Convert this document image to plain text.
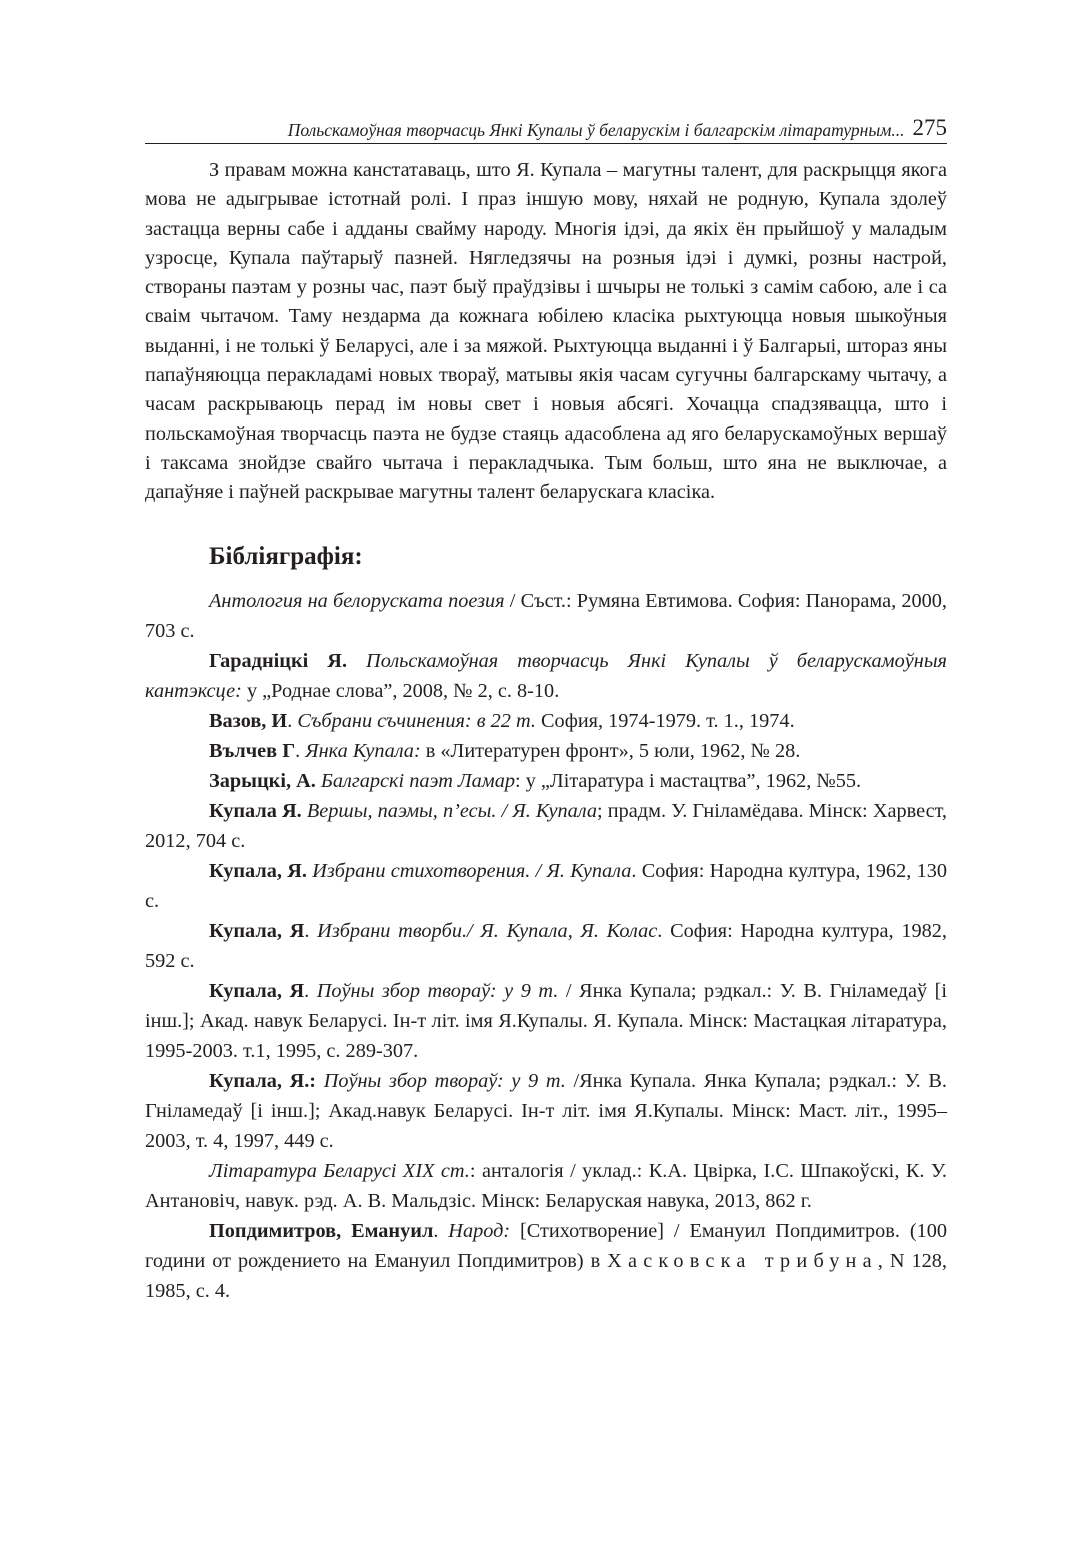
Польскамоўная творчасць Янкі Купалы ў беларускім і балгарскім літаратурным... 275

З правам можна канстатаваць, што Я. Купала – магутны талент, для раскрыцця якога мова не адыгрывае істотнай ролі. І праз іншую мову, няхай не родную, Купала здолеў застацца верны сабе і адданы свайму народу. Многія ідэі, да якіх ён прыйшоў у маладым узросце, Купала паўтарыў пазней. Нягледзячы на розныя ідэі і думкі, розны настрой, створаны паэтам у розны час, паэт быў праўдзівы і шчыры не толькі з самім сабою, але і са сваім чытачом. Таму нездарма да кожнага юбілею класіка рыхтуюцца новыя шыкоўныя выданні, і не толькі ў Беларусі, але і за мяжой. Рыхтуюцца выданні і ў Балгарыі, штораз яны папаўняюцца перакладамі новых твораў, матывы якія часам сугучны балгарскаму чытачу, а часам раскрываюць перад ім новы свет і новыя абсягі. Хочацца спадзявацца, што і польскамоўная творчасць паэта не будзе стаяць адасоблена ад яго беларускамоўных вершаў і таксама знойдзе свайго чытача і перакладчыка. Тым больш, што яна не выключае, а дапаўняе і паўней раскрывае магутны талент беларускага класіка.

Бібліяграфія:

Антология на белоруската поезия / Съст.: Румяна Евтимова. София: Панорама, 2000, 703 с.

Гарадніцкі Я. Польскамоўная творчасць Янкі Купалы ў беларускамоўныя кантэксце: у „Роднае слова”, 2008, № 2, с. 8-10.

Вазов, И. Събрани съчинения: в 22 т. София, 1974-1979. т. 1., 1974.

Вълчев Г. Янка Купала: в «Литературен фронт», 5 юли, 1962, № 28.

Зарыцкі, А. Балгарскі паэт Ламар: у „Літаратура і мастацтва”, 1962, №55.

Купала Я. Вершы, паэмы, п’есы. / Я. Купала; прадм. У. Гніламёдава. Мінск: Харвест, 2012, 704 с.

Купала, Я. Избрани стихотворения. / Я. Купала. София: Народна култура, 1962, 130 с.

Купала, Я. Избрани творби./ Я. Купала, Я. Колас. София: Народна култура, 1982, 592 с.

Купала, Я. Поўны збор твораў: у 9 т. / Янка Купала; рэдкал.: У. В. Гніламедаў [і інш.]; Акад. навук Беларусі. Ін-т літ. імя Я.Купалы. Я. Купала. Мінск: Мастацкая літаратура, 1995-2003. т.1, 1995, с. 289-307.

Купала, Я.: Поўны збор твораў: у 9 т. /Янка Купала. Янка Купала; рэдкал.: У. В. Гніламедаў [і інш.]; Акад.навук Беларусі. Ін-т літ. імя Я.Купалы. Мінск: Маст. літ., 1995–2003, т. 4, 1997, 449 с.

Літаратура Беларусі XIX ст.: анталогія / уклад.: К.А. Цвірка, І.С. Шпакоўскі, К. У. Антановіч, навук. рэд. А. В. Мальдзіс. Мінск: Беларуская навука, 2013, 862 г.

Попдимитров, Емануил. Народ: [Стихотворение] / Емануил Попдимитров. (100 години от рождението на Емануил Попдимитров) в Хасковска трибуна, N 128, 1985, с. 4.
